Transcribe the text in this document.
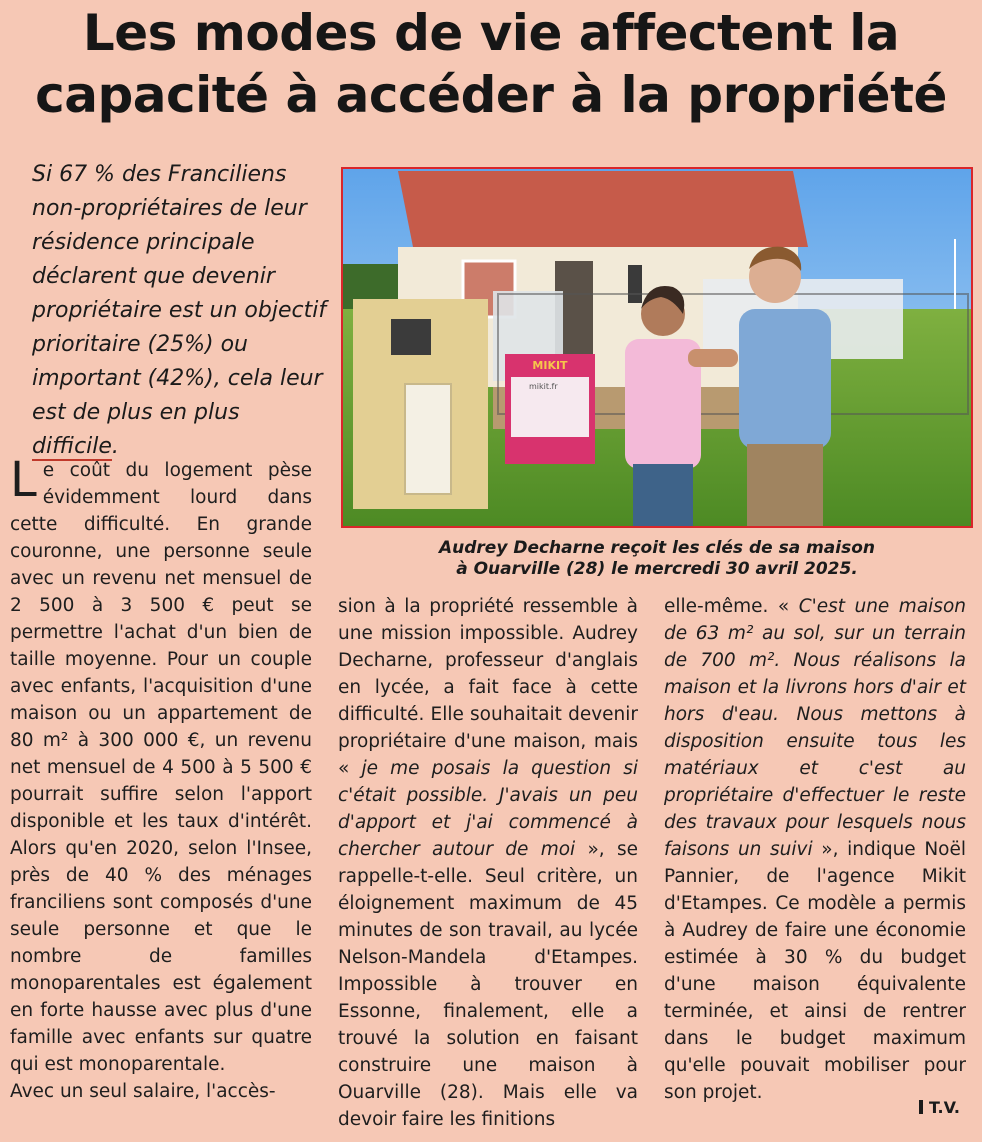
Les modes de vie affectent la
capacité à accéder à la propriété

Si 67 % des Franciliens non-propriétaires de leur résidence principale déclarent que devenir propriétaire est un objectif prioritaire (25%) ou important (42%), cela leur est de plus en plus difficile.

MIKIT
mikit.fr

Audrey Decharne reçoit les clés de sa maison
à Ouarville (28) le mercredi 30 avril 2025.

Le coût du logement pèse évidemment lourd dans cette difficulté. En grande couronne, une personne seule avec un revenu net mensuel de 2 500 à 3 500 € peut se permettre l'achat d'un bien de taille moyenne. Pour un couple avec enfants, l'acquisition d'une maison ou un appartement de 80 m² à 300 000 €, un revenu net mensuel de 4 500 à 5 500 € pourrait suffire selon l'apport disponible et les taux d'intérêt. Alors qu'en 2020, selon l'Insee, près de 40 % des ménages franciliens sont composés d'une seule personne et que le nombre de familles monoparentales est également en forte hausse avec plus d'une famille avec enfants sur quatre qui est monoparentale.

Avec un seul salaire, l'accès-

sion à la propriété ressemble à une mission impossible. Audrey Decharne, professeur d'anglais en lycée, a fait face à cette difficulté. Elle souhaitait devenir propriétaire d'une maison, mais « je me posais la question si c'était possible. J'avais un peu d'apport et j'ai commencé à chercher autour de moi », se rappelle-t-elle. Seul critère, un éloignement maximum de 45 minutes de son travail, au lycée Nelson-Mandela d'Etampes. Impossible à trouver en Essonne, finalement, elle a trouvé la solution en faisant construire une maison à Ouarville (28). Mais elle va devoir faire les finitions

elle-même. « C'est une maison de 63 m² au sol, sur un terrain de 700 m². Nous réalisons la maison et la livrons hors d'air et hors d'eau. Nous mettons à disposition ensuite tous les matériaux et c'est au propriétaire d'effectuer le reste des travaux pour lesquels nous faisons un suivi », indique Noël Pannier, de l'agence Mikit d'Etampes. Ce modèle a permis à Audrey de faire une économie estimée à 30 % du budget d'une maison équivalente terminée, et ainsi de rentrer dans le budget maximum qu'elle pouvait mobiliser pour son projet.

T.V.
